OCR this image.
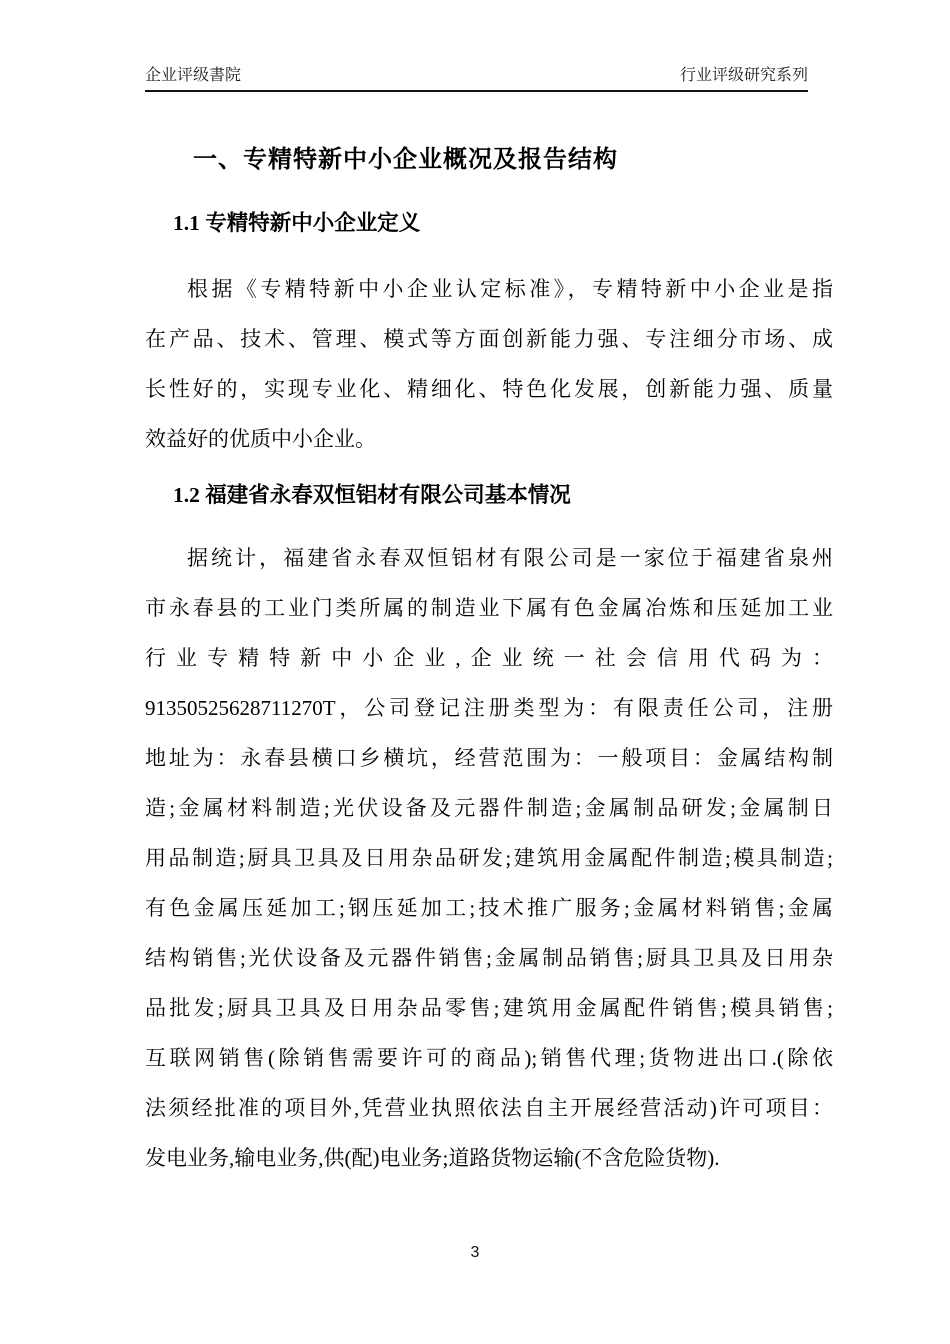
企业评级書院	行业评级研究系列
一、专精特新中小企业概况及报告结构
1.1 专精特新中小企业定义
根据《专精特新中小企业认定标准》，专精特新中小企业是指
在产品、技术、管理、模式等方面创新能力强、专注细分市场、成
长性好的，实现专业化、精细化、特色化发展，创新能力强、质量
效益好的优质中小企业。
1.2 福建省永春双恒铝材有限公司基本情况
据统计，福建省永春双恒铝材有限公司是一家位于福建省泉州
市永春县的工业门类所属的制造业下属有色金属冶炼和压延加工业
行业专精特新中小企业,企业统一社会信用代码为：
91350525628711270T，公司登记注册类型为：有限责任公司，注册
地址为：永春县横口乡横坑，经营范围为：一般项目：金属结构制
造;金属材料制造;光伏设备及元器件制造;金属制品研发;金属制日
用品制造;厨具卫具及日用杂品研发;建筑用金属配件制造;模具制造;
有色金属压延加工;钢压延加工;技术推广服务;金属材料销售;金属
结构销售;光伏设备及元器件销售;金属制品销售;厨具卫具及日用杂
品批发;厨具卫具及日用杂品零售;建筑用金属配件销售;模具销售;
互联网销售(除销售需要许可的商品);销售代理;货物进出口.(除依
法须经批准的项目外,凭营业执照依法自主开展经营活动)许可项目：
发电业务,输电业务,供(配)电业务;道路货物运输(不含危险货物).
3
